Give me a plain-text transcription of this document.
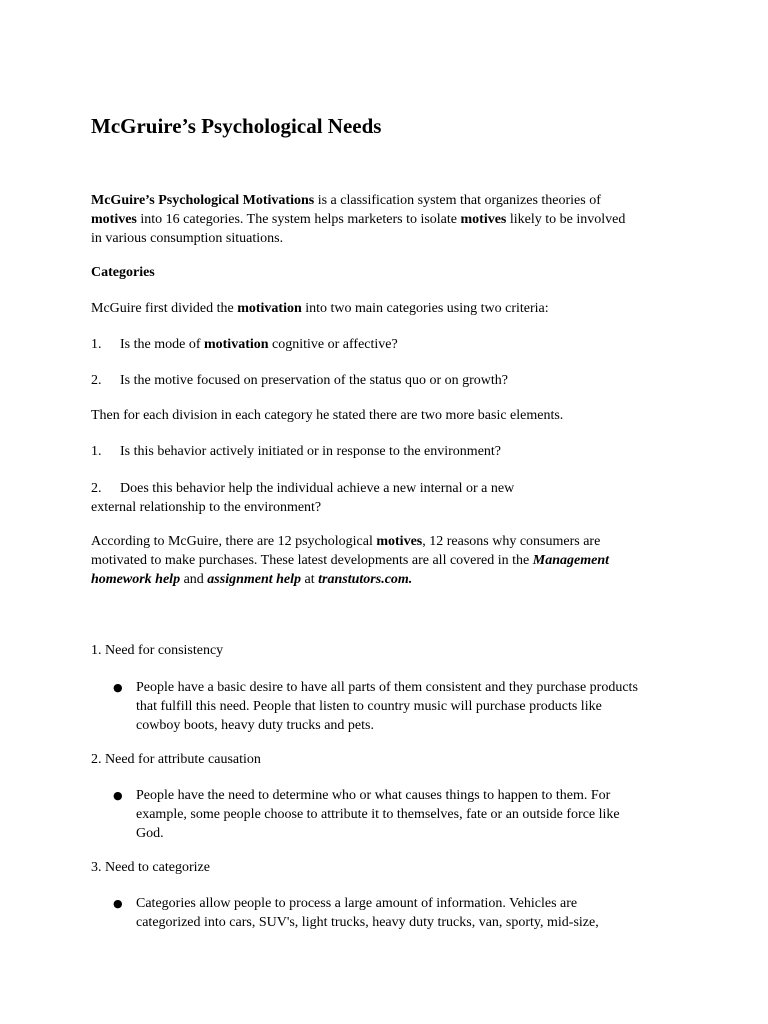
McGruire’s Psychological Needs

McGuire’s Psychological Motivations is a classification system that organizes theories of
motives into 16 categories. The system helps marketers to isolate motives likely to be involved
in various consumption situations.

Categories

McGuire first divided the motivation into two main categories using two criteria:

1. Is the mode of motivation cognitive or affective?

2. Is the motive focused on preservation of the status quo or on growth?

Then for each division in each category he stated there are two more basic elements.

1. Is this behavior actively initiated or in response to the environment?

2. Does this behavior help the individual achieve a new internal or a new
external relationship to the environment?

According to McGuire, there are 12 psychological motives, 12 reasons why consumers are
motivated to make purchases. These latest developments are all covered in the Management
homework help and assignment help at transtutors.com.

1. Need for consistency

● People have a basic desire to have all parts of them consistent and they purchase products
that fulfill this need. People that listen to country music will purchase products like
cowboy boots, heavy duty trucks and pets.

2. Need for attribute causation

● People have the need to determine who or what causes things to happen to them. For
example, some people choose to attribute it to themselves, fate or an outside force like
God.

3. Need to categorize

● Categories allow people to process a large amount of information. Vehicles are
categorized into cars, SUV's, light trucks, heavy duty trucks, van, sporty, mid-size,
